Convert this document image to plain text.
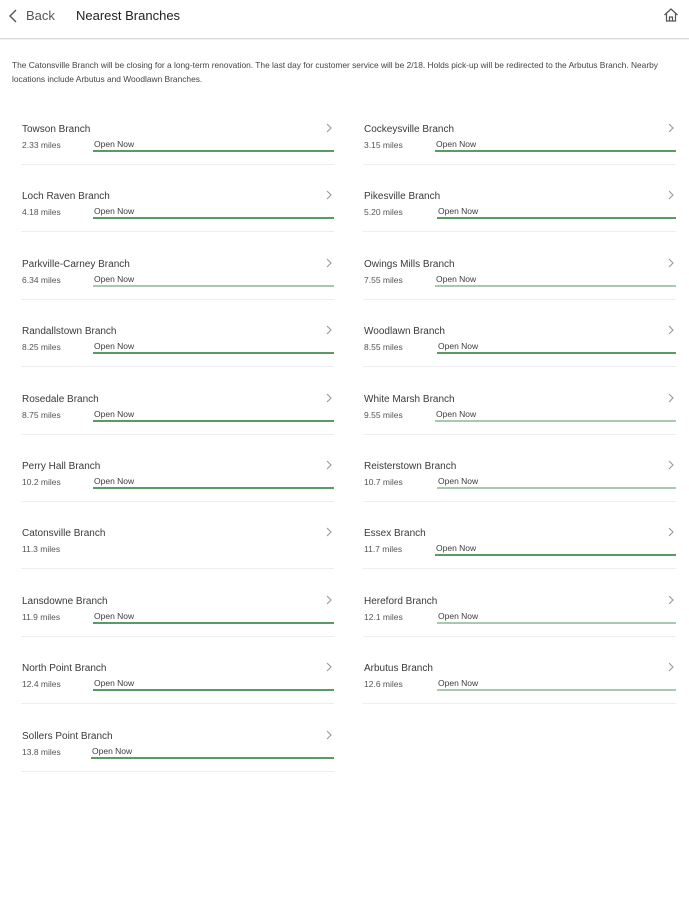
Back Nearest Branches
The Catonsville Branch will be closing for a long-term renovation. The last day for customer service will be 2/18. Holds pick-up will be redirected to the Arbutus Branch. Nearby locations include Arbutus and Woodlawn Branches.
Towson Branch
2.33 miles	Open Now
Cockeysville Branch
3.15 miles	Open Now
Loch Raven Branch
4.18 miles	Open Now
Pikesville Branch
5.20 miles	Open Now
Parkville-Carney Branch
6.34 miles	Open Now
Owings Mills Branch
7.55 miles	Open Now
Randallstown Branch
8.25 miles	Open Now
Woodlawn Branch
8.55 miles	Open Now
Rosedale Branch
8.75 miles	Open Now
White Marsh Branch
9.55 miles	Open Now
Perry Hall Branch
10.2 miles	Open Now
Reisterstown Branch
10.7 miles	Open Now
Catonsville Branch
11.3 miles
Essex Branch
11.7 miles	Open Now
Lansdowne Branch
11.9 miles	Open Now
Hereford Branch
12.1 miles	Open Now
North Point Branch
12.4 miles	Open Now
Arbutus Branch
12.6 miles	Open Now
Sollers Point Branch
13.8 miles	Open Now
